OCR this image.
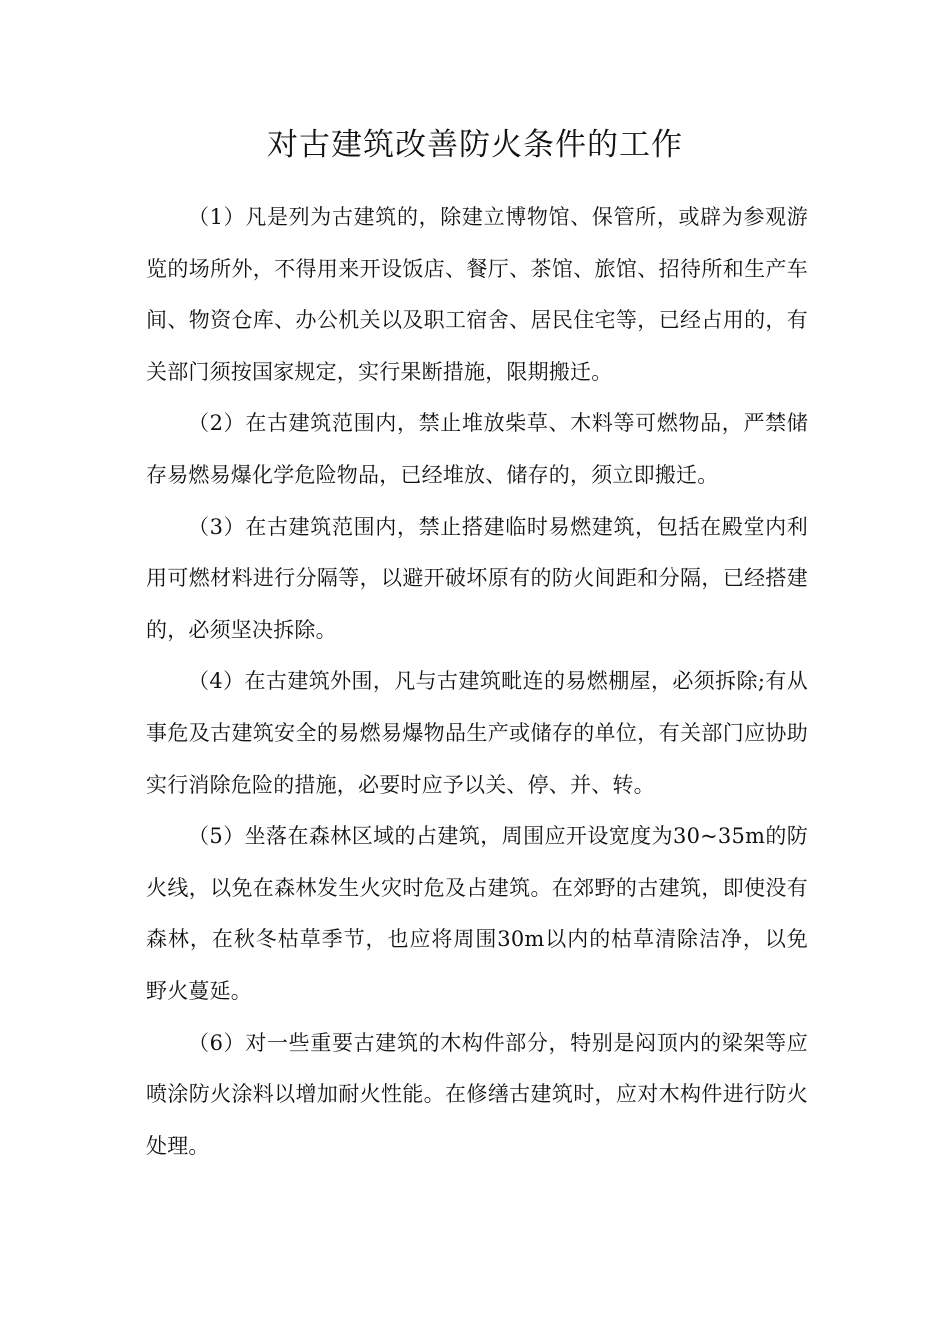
对古建筑改善防火条件的工作

（1）凡是列为古建筑的，除建立博物馆、保管所，或辟为参观游览的场所外，不得用来开设饭店、餐厅、茶馆、旅馆、招待所和生产车间、物资仓库、办公机关以及职工宿舍、居民住宅等，已经占用的，有关部门须按国家规定，实行果断措施，限期搬迁。

（2）在古建筑范围内，禁止堆放柴草、木料等可燃物品，严禁储存易燃易爆化学危险物品，已经堆放、储存的，须立即搬迁。

（3）在古建筑范围内，禁止搭建临时易燃建筑，包括在殿堂内利用可燃材料进行分隔等，以避开破坏原有的防火间距和分隔，已经搭建的，必须坚决拆除。

（4）在古建筑外围，凡与古建筑毗连的易燃棚屋，必须拆除;有从事危及古建筑安全的易燃易爆物品生产或储存的单位，有关部门应协助实行消除危险的措施，必要时应予以关、停、并、转。

（5）坐落在森林区域的占建筑，周围应开设宽度为30~35m的防火线，以免在森林发生火灾时危及占建筑。在郊野的古建筑，即使没有森林，在秋冬枯草季节，也应将周围30m以内的枯草清除洁净，以免野火蔓延。

（6）对一些重要古建筑的木构件部分，特别是闷顶内的梁架等应喷涂防火涂料以增加耐火性能。在修缮古建筑时，应对木构件进行防火处理。
